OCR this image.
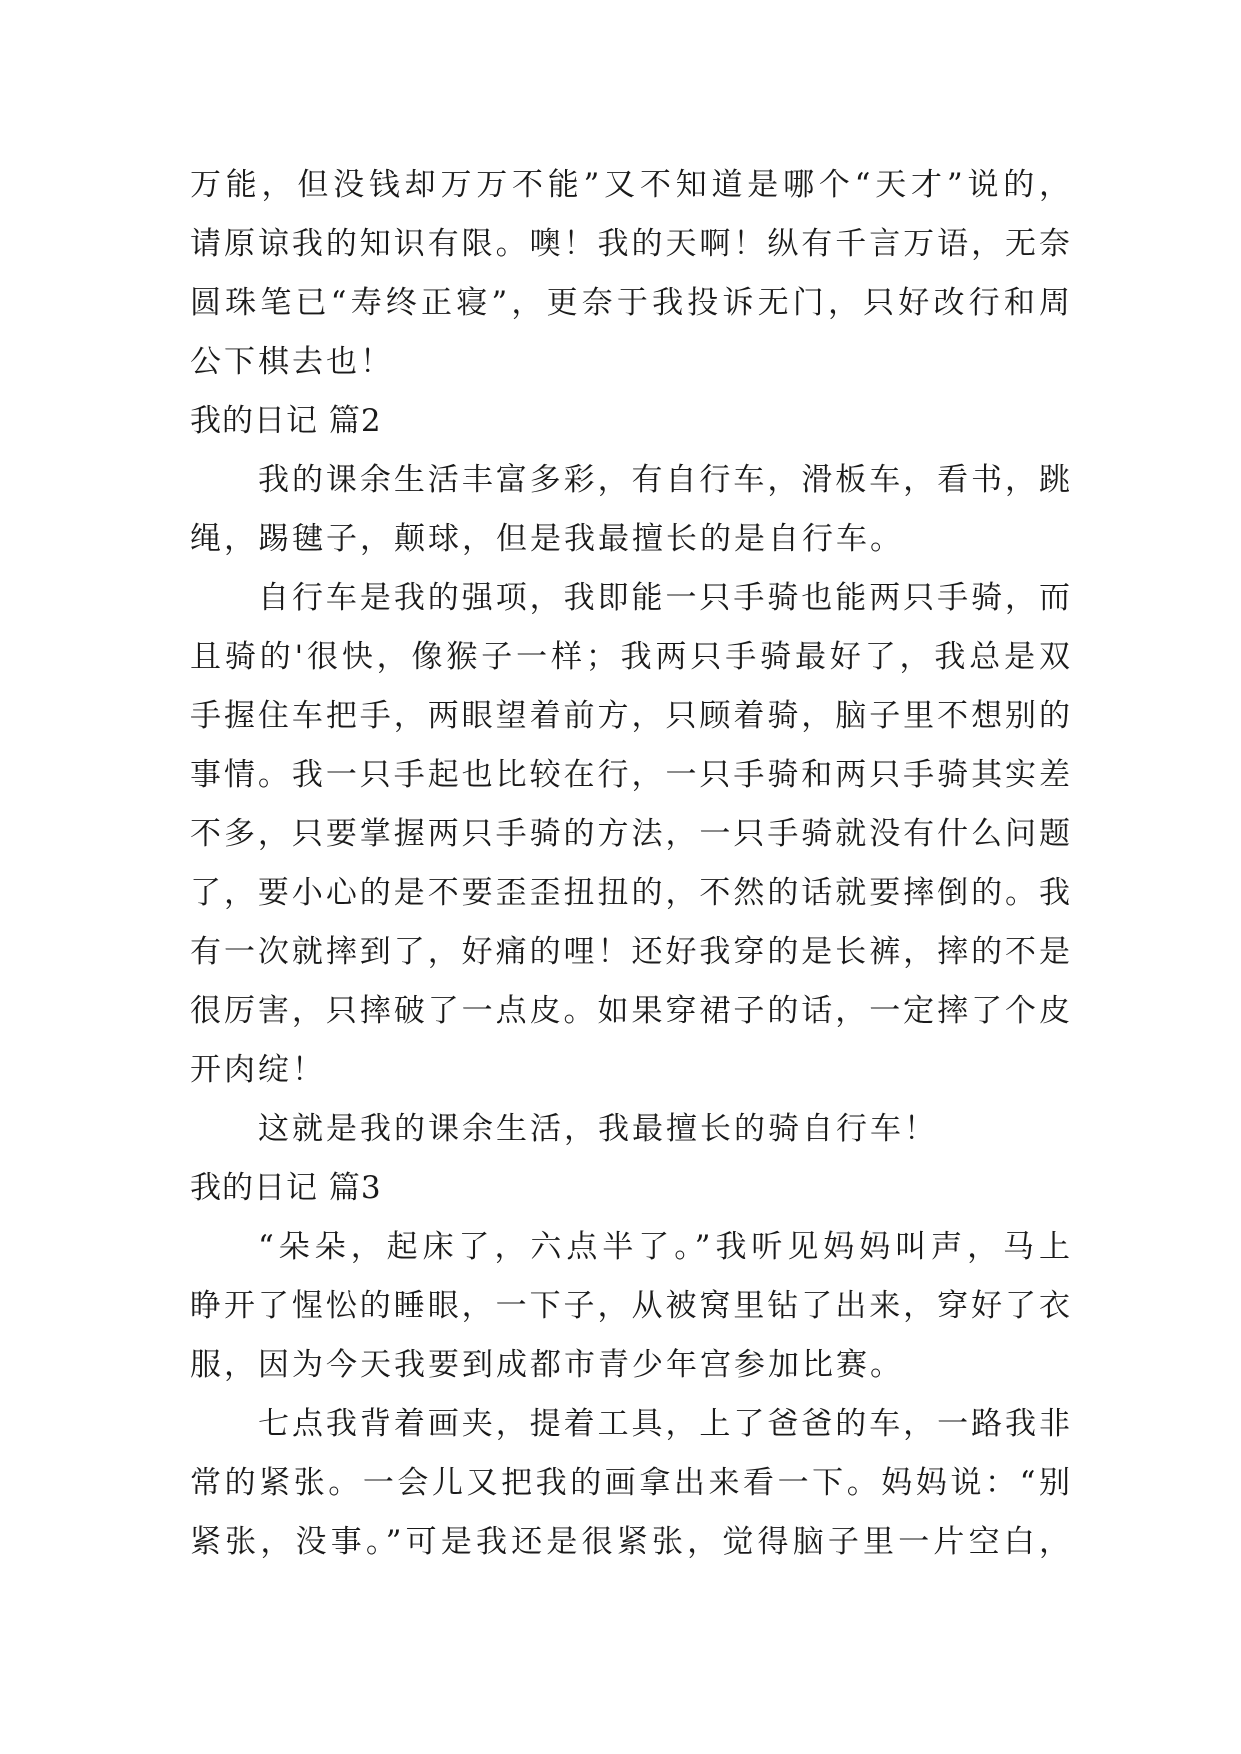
万能，但没钱却万万不能”又不知道是哪个“天才”说的，
请原谅我的知识有限。噢！我的天啊！纵有千言万语，无奈
圆珠笔已“寿终正寝”，更奈于我投诉无门，只好改行和周
公下棋去也！
我的日记 篇2
我的课余生活丰富多彩，有自行车，滑板车，看书，跳
绳，踢毽子，颠球，但是我最擅长的是自行车。
自行车是我的强项，我即能一只手骑也能两只手骑，而
且骑的'很快，像猴子一样；我两只手骑最好了，我总是双
手握住车把手，两眼望着前方，只顾着骑，脑子里不想别的
事情。我一只手起也比较在行，一只手骑和两只手骑其实差
不多，只要掌握两只手骑的方法，一只手骑就没有什么问题
了，要小心的是不要歪歪扭扭的，不然的话就要摔倒的。我
有一次就摔到了，好痛的哩！还好我穿的是长裤，摔的不是
很厉害，只摔破了一点皮。如果穿裙子的话，一定摔了个皮
开肉绽！
这就是我的课余生活，我最擅长的骑自行车！
我的日记 篇3
“朵朵，起床了，六点半了。”我听见妈妈叫声，马上
睁开了惺忪的睡眼，一下子，从被窝里钻了出来，穿好了衣
服，因为今天我要到成都市青少年宫参加比赛。
七点我背着画夹，提着工具，上了爸爸的车，一路我非
常的紧张。一会儿又把我的画拿出来看一下。妈妈说：“别
紧张，没事。”可是我还是很紧张，觉得脑子里一片空白，
